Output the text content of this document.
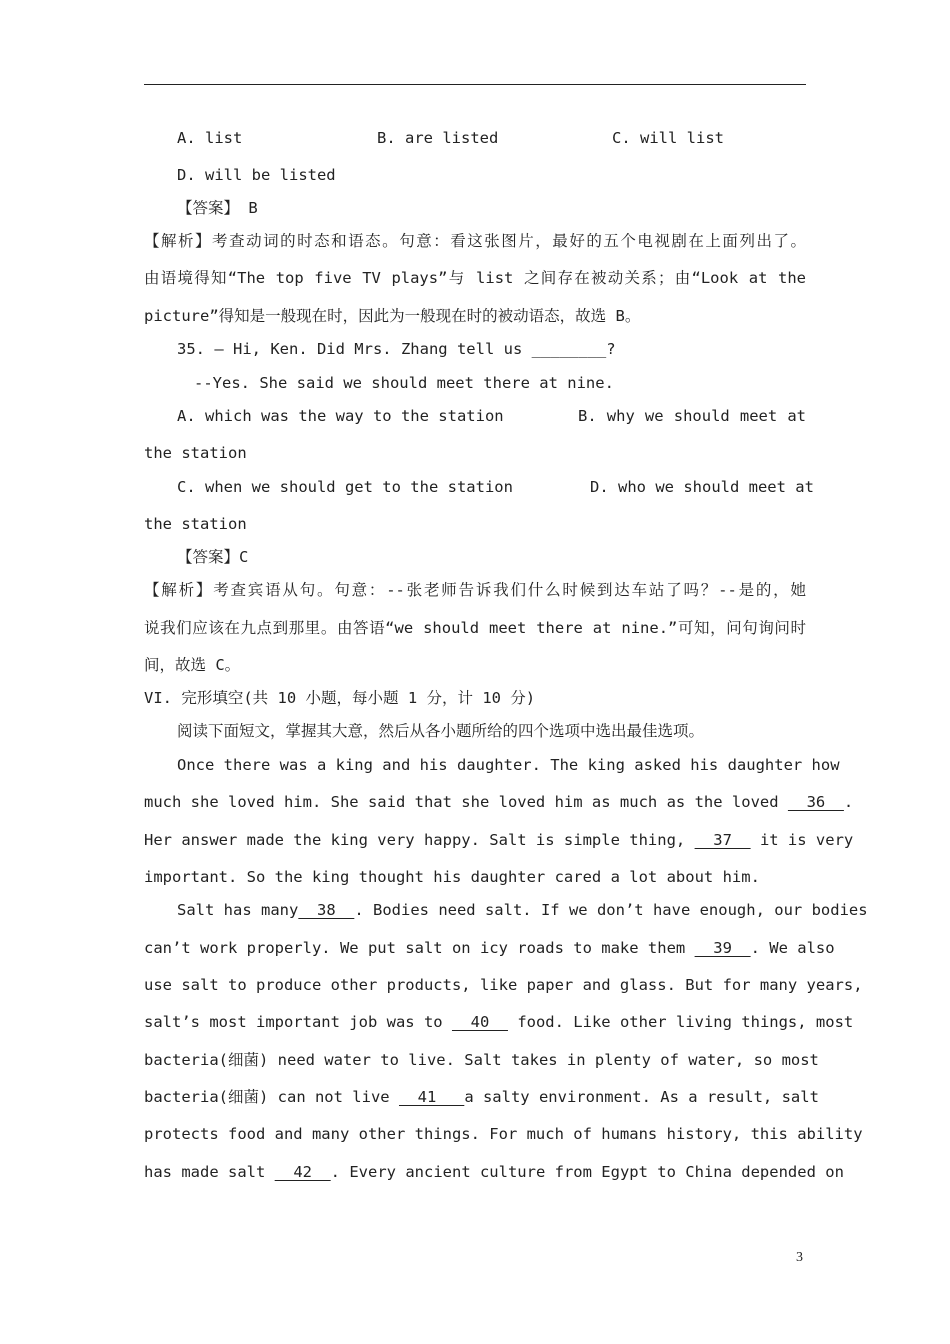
A. list	B. are listed	C. will list
D. will be listed
【答案】 B
【解析】考查动词的时态和语态。句意：看这张图片，最好的五个电视剧在上面列出了。
由语境得知“The top five TV plays”与 list 之间存在被动关系；由“Look at the
picture”得知是一般现在时，因此为一般现在时的被动语态，故选 B。
35. – Hi, Ken. Did Mrs. Zhang tell us ________?
--Yes. She said we should meet there at nine.
A. which was the way to the station	B. why we should meet at
the station
C. when we should get to the station	D. who we should meet at
the station
【答案】C
【解析】考查宾语从句。句意：--张老师告诉我们什么时候到达车站了吗？--是的，她
说我们应该在九点到那里。由答语“we should meet there at nine.”可知，问句询问时
间，故选 C。
VI. 完形填空(共 10 小题，每小题 1 分，计 10 分)
阅读下面短文，掌握其大意，然后从各小题所给的四个选项中选出最佳选项。
Once there was a king and his daughter. The king asked his daughter how
much she loved him. She said that she loved him as much as the loved   36  .
Her answer made the king very happy. Salt is simple thing,   37   it is very
important. So the king thought his daughter cared a lot about him.
Salt has many  38  . Bodies need salt. If we don’t have enough, our bodies
can’t work properly. We put salt on icy roads to make them   39  . We also
use salt to produce other products, like paper and glass. But for many years,
salt’s most important job was to   40   food. Like other living things, most
bacteria(细菌) need water to live. Salt takes in plenty of water, so most
bacteria(细菌) can not live   41   a salty environment. As a result, salt
protects food and many other things. For much of humans history, this ability
has made salt   42  . Every ancient culture from Egypt to China depended on
3
